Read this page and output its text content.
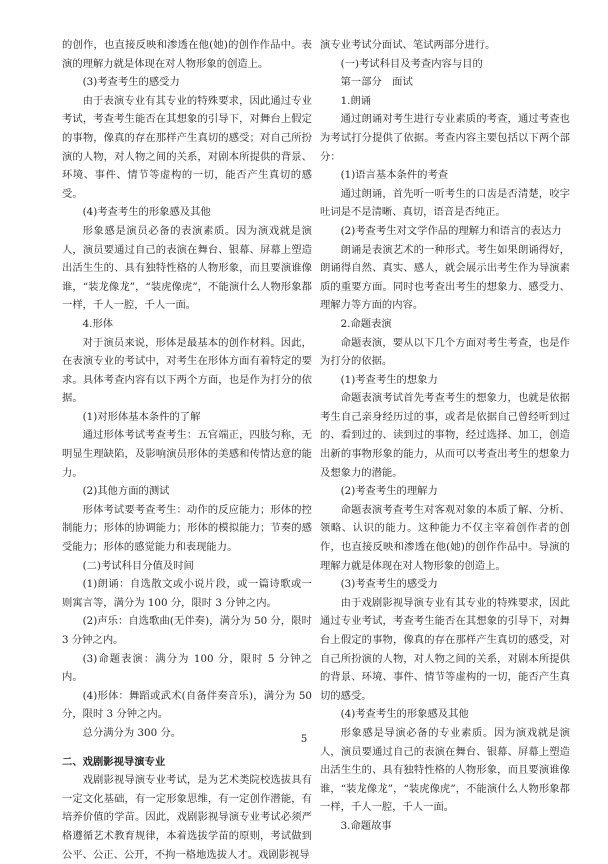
的创作，也直接反映和渗透在他(她)的创作作品中。表演的理解力就是体现在对人物形象的创造上。

(3)考查考生的感受力

由于表演专业有其专业的特殊要求，因此通过专业考试，考查考生能否在其想象的引导下，对舞台上假定的事物，像真的存在那样产生真切的感受；对自己所扮演的人物，对人物之间的关系，对剧本所提供的背景、环境、事件、情节等虚构的一切，能否产生真切的感受。

(4)考查考生的形象感及其他

形象感是演员必备的表演素质。因为演戏就是演人，演员要通过自己的表演在舞台、银幕、屏幕上塑造出活生生的、具有独特性格的人物形象，而且要演谁像谁，“装龙像龙”，“装虎像虎”，不能演什么人物形象都一样，千人一腔，千人一面。

4.形体

对于演员来说，形体是最基本的创作材料。因此，在表演专业的考试中，对考生在形体方面有着特定的要求。具体考查内容有以下两个方面，也是作为打分的依据。

(1)对形体基本条件的了解

通过形体考试考查考生：五官端正，四肢匀称，无明显生理缺陷，及影响演员形体的美感和传情达意的能力。

(2)其他方面的测试

形体考试要考查考生：动作的反应能力；形体的控制能力；形体的协调能力；形体的模拟能力；节奏的感受能力；形体的感觉能力和表现能力。

(二)考试科目分值及时间

(1)朗诵：自选散文或小说片段，或一篇诗歌或一则寓言等，满分为 100 分，限时 3 分钟之内。

(2)声乐：自选歌曲(无伴奏)，满分为 50 分，限时 3 分钟之内。

(3)命题表演：满分为 100 分，限时 5 分钟之内。

(4)形体：舞蹈或武术(自备伴奏音乐)，满分为 50 分，限时 3 分钟之内。

总分满分为 300 分。

二、戏剧影视导演专业

戏剧影视导演专业考试，是为艺术类院校选拔具有一定文化基础，有一定形象思维，有一定创作潜能，有培养价值的学苗。因此，戏剧影视导演专业考试必须严格遵循艺术教育规律，本着选拔学苗的原则，考试做到公平、公正、公开，不拘一格地选拔人才。戏剧影视导

演专业考试分面试、笔试两部分进行。

(一)考试科目及考查内容与目的

第一部分　面试

1.朗诵

通过朗诵对考生进行专业素质的考查，通过考查也为考试打分提供了依据。考查内容主要包括以下两个部分：

(1)语言基本条件的考查

通过朗诵，首先听一听考生的口齿是否清楚，咬字吐词是不是清晰、真切，语音是否纯正。

(2)考查考生对文学作品的理解力和语言的表达力

朗诵是表演艺术的一种形式。考生如果朗诵得好，朗诵得自然、真实、感人，就会展示出考生作为导演素质的重要方面。同时也考查出考生的想象力、感受力、理解力等方面的内容。

2.命题表演

命题表演，要从以下几个方面对考生考查，也是作为打分的依据。

(1)考查考生的想象力

命题表演考试首先考查考生的想象力，也就是依据考生自己亲身经历过的事，或者是依据自己曾经听到过的、看到过的、读到过的事物，经过选择、加工，创造出新的事物形象的能力，从而可以考查出考生的想象力及想象力的潜能。

(2)考查考生的理解力

命题表演考查考生对客观对象的本质了解、分析、领略、认识的能力。这种能力不仅主宰着创作者的创作，也直接反映和渗透在他(她)的创作作品中。导演的理解力就是体现在对人物形象的创造上。

(3)考查考生的感受力

由于戏剧影视导演专业有其专业的特殊要求，因此通过专业考试，考查考生能否在其想象的引导下，对舞台上假定的事物，像真的存在那样产生真切的感受，对自己所扮演的人物，对人物之间的关系，对剧本所提供的背景、环境、事件、情节等虚构的一切，能否产生真切的感受。

(4)考查考生的形象感及其他

形象感是导演必备的专业素质。因为演戏就是演人，演员要通过自己的表演在舞台、银幕、屏幕上塑造出活生生的、具有独特性格的人物形象，而且要演谁像谁，“装龙像龙”，“装虎像虎”，不能演什么人物形象都一样，千人一腔，千人一面。

3.命题故事

5
